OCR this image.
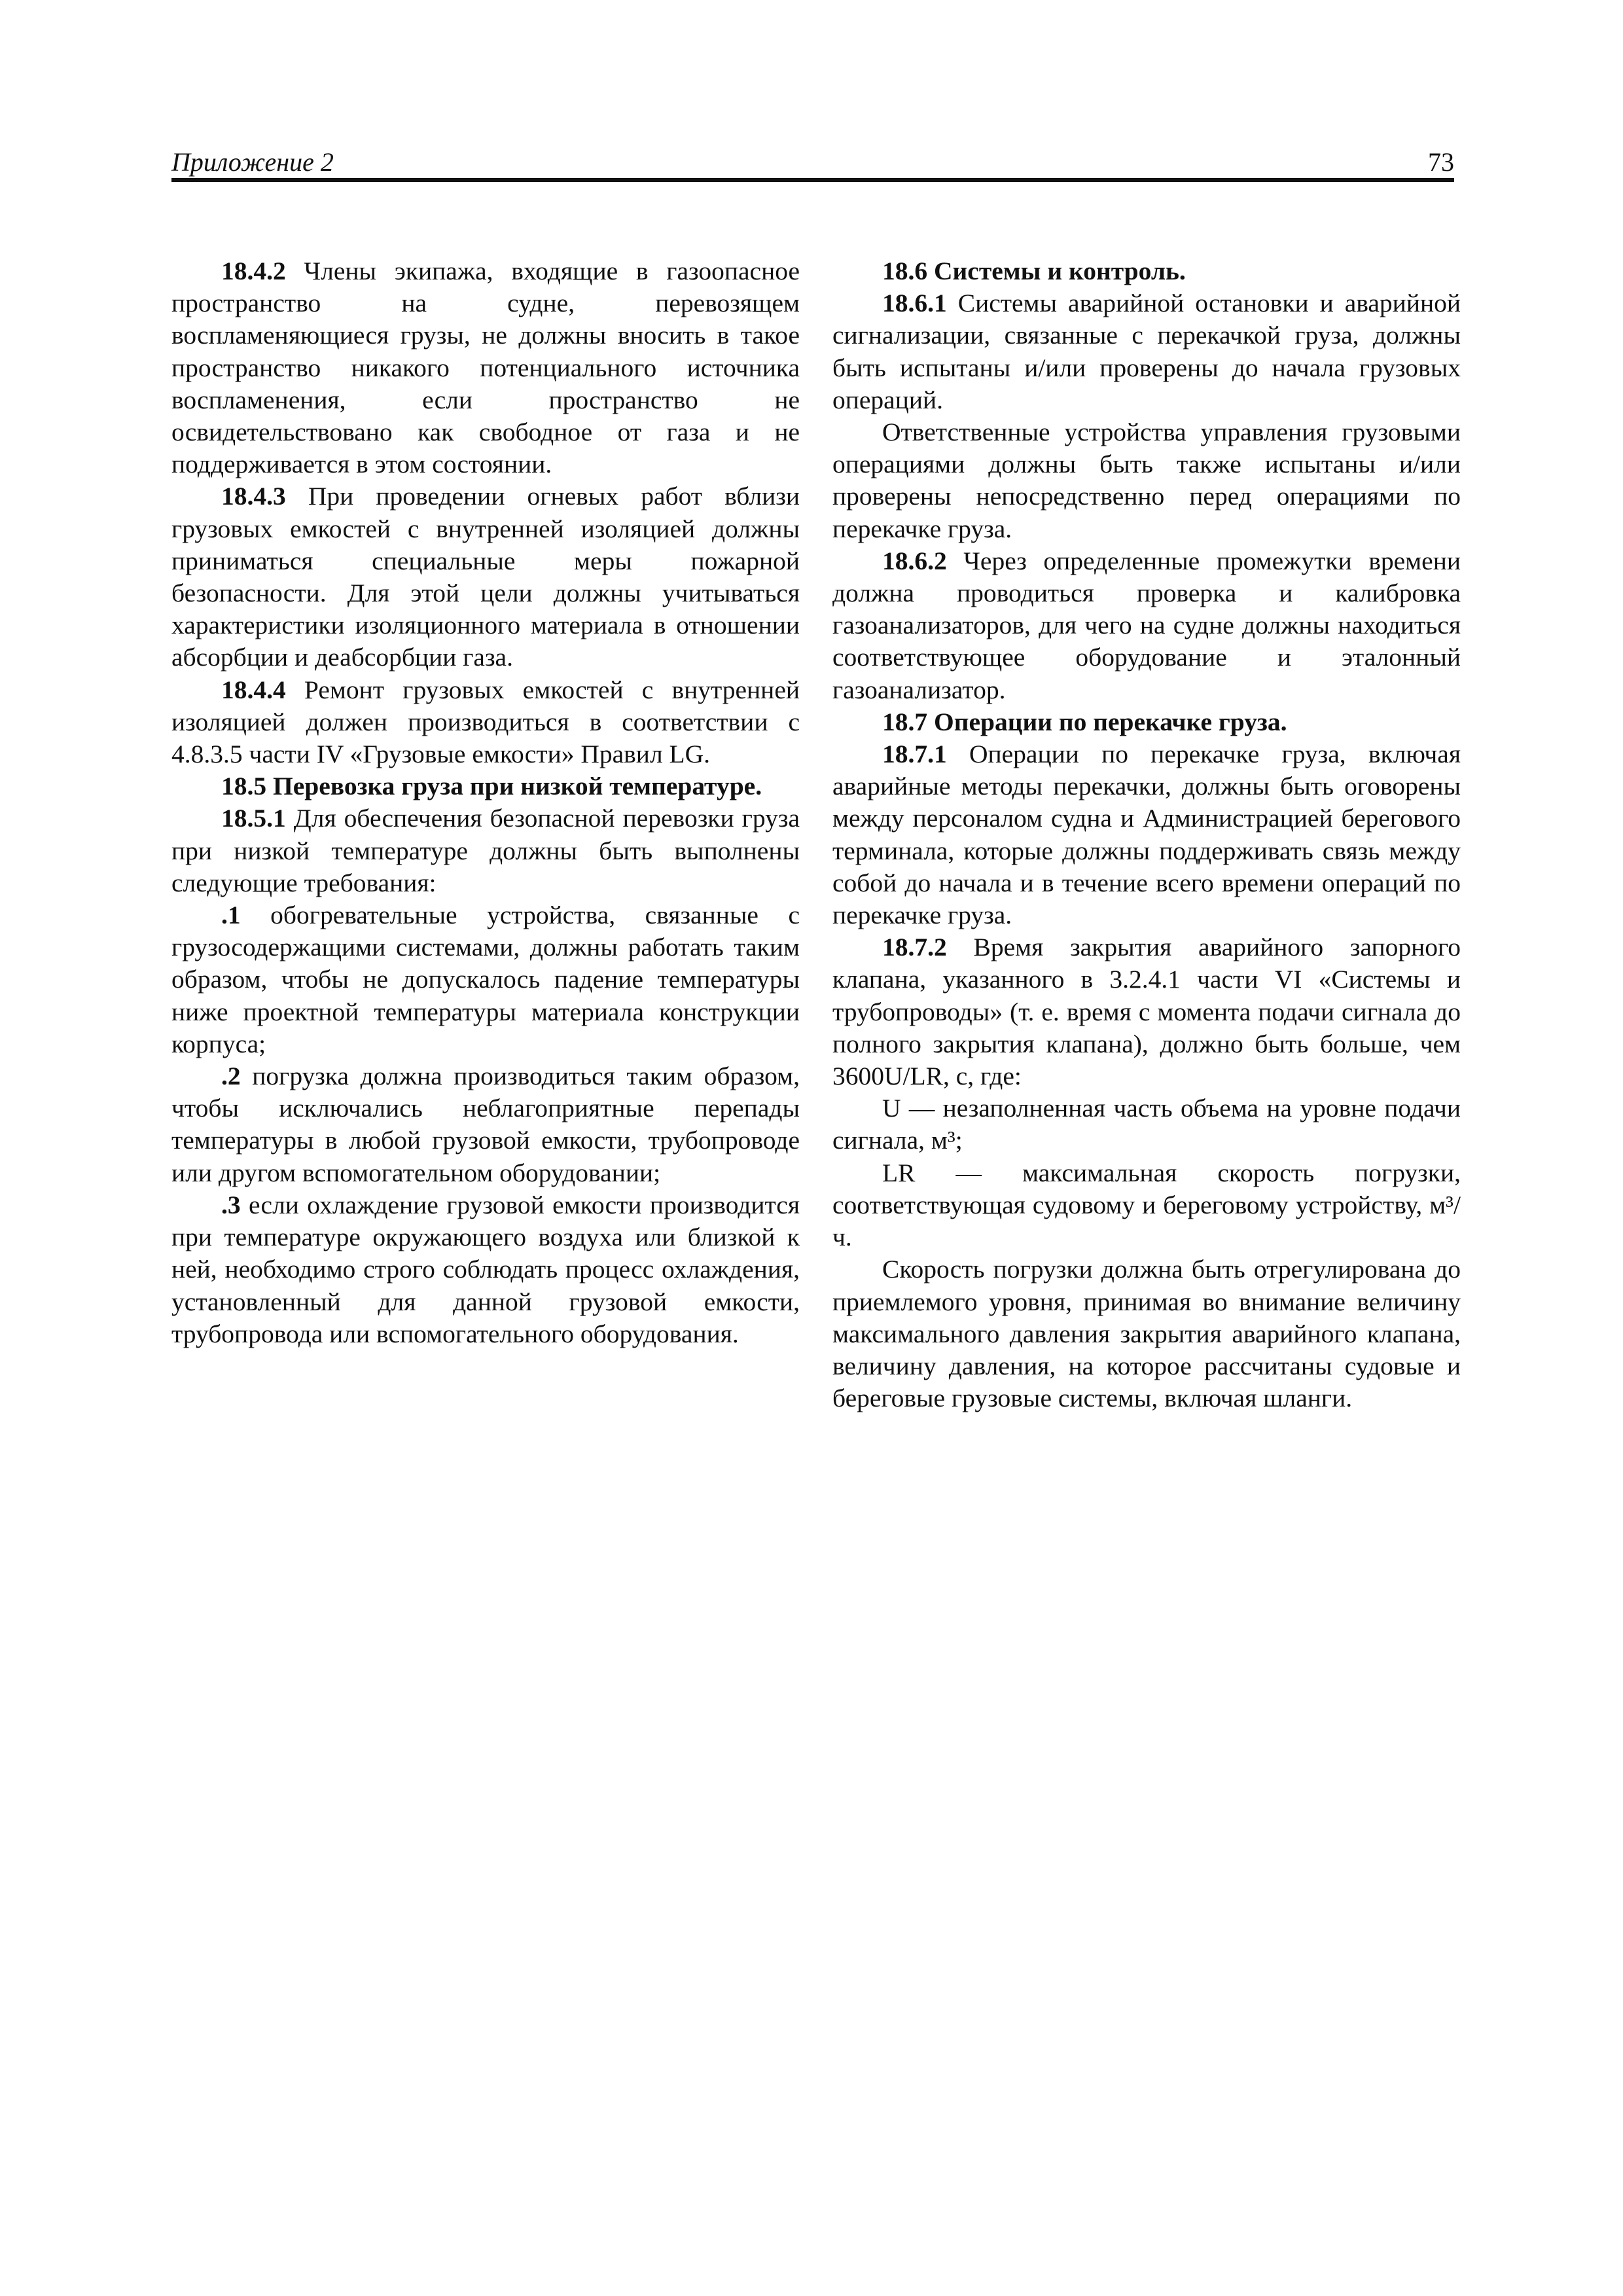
Приложение 2	73

18.4.2 Члены экипажа, входящие в газоопасное пространство на судне, перевозящем воспламеняющиеся грузы, не должны вносить в такое пространство никакого потенциального источника воспламенения, если пространство не освидетельствовано как свободное от газа и не поддерживается в этом состоянии.

18.4.3 При проведении огневых работ вблизи грузовых емкостей с внутренней изоляцией должны приниматься специальные меры пожарной безопасности. Для этой цели должны учитываться характеристики изоляционного материала в отношении абсорбции и деабсорбции газа.

18.4.4 Ремонт грузовых емкостей с внутренней изоляцией должен производиться в соответствии с 4.8.3.5 части IV «Грузовые емкости» Правил LG.

18.5 Перевозка груза при низкой температуре.

18.5.1 Для обеспечения безопасной перевозки груза при низкой температуре должны быть выполнены следующие требования:

.1 обогревательные устройства, связанные с грузосодержащими системами, должны работать таким образом, чтобы не допускалось падение температуры ниже проектной температуры материала конструкции корпуса;

.2 погрузка должна производиться таким образом, чтобы исключались неблагоприятные перепады температуры в любой грузовой емкости, трубопроводе или другом вспомогательном оборудовании;

.3 если охлаждение грузовой емкости производится при температуре окружающего воздуха или близкой к ней, необходимо строго соблюдать процесс охлаждения, установленный для данной грузовой емкости, трубопровода или вспомогательного оборудования.

18.6 Системы и контроль.

18.6.1 Системы аварийной остановки и аварийной сигнализации, связанные с перекачкой груза, должны быть испытаны и/или проверены до начала грузовых операций.

Ответственные устройства управления грузовыми операциями должны быть также испытаны и/или проверены непосредственно перед операциями по перекачке груза.

18.6.2 Через определенные промежутки времени должна проводиться проверка и калибровка газоанализаторов, для чего на судне должны находиться соответствующее оборудование и эталонный газоанализатор.

18.7 Операции по перекачке груза.

18.7.1 Операции по перекачке груза, включая аварийные методы перекачки, должны быть оговорены между персоналом судна и Администрацией берегового терминала, которые должны поддерживать связь между собой до начала и в течение всего времени операций по перекачке груза.

18.7.2 Время закрытия аварийного запорного клапана, указанного в 3.2.4.1 части VI «Системы и трубопроводы» (т. е. время с момента подачи сигнала до полного закрытия клапана), должно быть больше, чем 3600U/LR, с, где:

U — незаполненная часть объема на уровне подачи сигнала, м³;

LR — максимальная скорость погрузки, соответствующая судовому и береговому устройству, м³/ч.

Скорость погрузки должна быть отрегулирована до приемлемого уровня, принимая во внимание величину максимального давления закрытия аварийного клапана, величину давления, на которое рассчитаны судовые и береговые грузовые системы, включая шланги.
